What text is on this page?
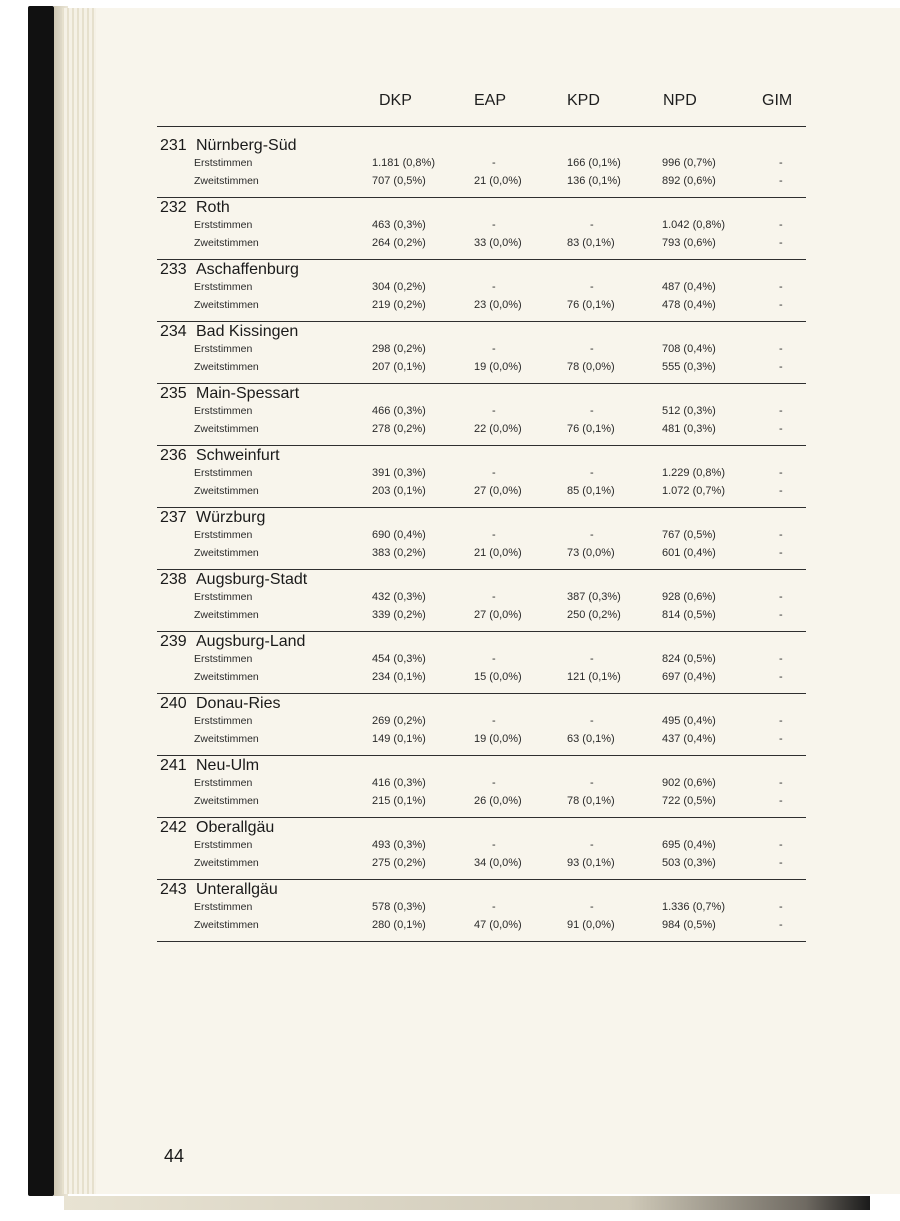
DKP	EAP	KPD	NPD	GIM
231 Nürnberg-Süd
Erststimmen	1.181 (0,8%)	-	166 (0,1%)	996 (0,7%)	-
Zweitstimmen	707 (0,5%)	21 (0,0%)	136 (0,1%)	892 (0,6%)	-
232 Roth
Erststimmen	463 (0,3%)	-	-	1.042 (0,8%)	-
Zweitstimmen	264 (0,2%)	33 (0,0%)	83 (0,1%)	793 (0,6%)	-
233 Aschaffenburg
Erststimmen	304 (0,2%)	-	-	487 (0,4%)	-
Zweitstimmen	219 (0,2%)	23 (0,0%)	76 (0,1%)	478 (0,4%)	-
234 Bad Kissingen
Erststimmen	298 (0,2%)	-	-	708 (0,4%)	-
Zweitstimmen	207 (0,1%)	19 (0,0%)	78 (0,0%)	555 (0,3%)	-
235 Main-Spessart
Erststimmen	466 (0,3%)	-	-	512 (0,3%)	-
Zweitstimmen	278 (0,2%)	22 (0,0%)	76 (0,1%)	481 (0,3%)	-
236 Schweinfurt
Erststimmen	391 (0,3%)	-	-	1.229 (0,8%)	-
Zweitstimmen	203 (0,1%)	27 (0,0%)	85 (0,1%)	1.072 (0,7%)	-
237 Würzburg
Erststimmen	690 (0,4%)	-	-	767 (0,5%)	-
Zweitstimmen	383 (0,2%)	21 (0,0%)	73 (0,0%)	601 (0,4%)	-
238 Augsburg-Stadt
Erststimmen	432 (0,3%)	-	387 (0,3%)	928 (0,6%)	-
Zweitstimmen	339 (0,2%)	27 (0,0%)	250 (0,2%)	814 (0,5%)	-
239 Augsburg-Land
Erststimmen	454 (0,3%)	-	-	824 (0,5%)	-
Zweitstimmen	234 (0,1%)	15 (0,0%)	121 (0,1%)	697 (0,4%)	-
240 Donau-Ries
Erststimmen	269 (0,2%)	-	-	495 (0,4%)	-
Zweitstimmen	149 (0,1%)	19 (0,0%)	63 (0,1%)	437 (0,4%)	-
241 Neu-Ulm
Erststimmen	416 (0,3%)	-	-	902 (0,6%)	-
Zweitstimmen	215 (0,1%)	26 (0,0%)	78 (0,1%)	722 (0,5%)	-
242 Oberallgäu
Erststimmen	493 (0,3%)	-	-	695 (0,4%)	-
Zweitstimmen	275 (0,2%)	34 (0,0%)	93 (0,1%)	503 (0,3%)	-
243 Unterallgäu
Erststimmen	578 (0,3%)	-	-	1.336 (0,7%)	-
Zweitstimmen	280 (0,1%)	47 (0,0%)	91 (0,0%)	984 (0,5%)	-
44
